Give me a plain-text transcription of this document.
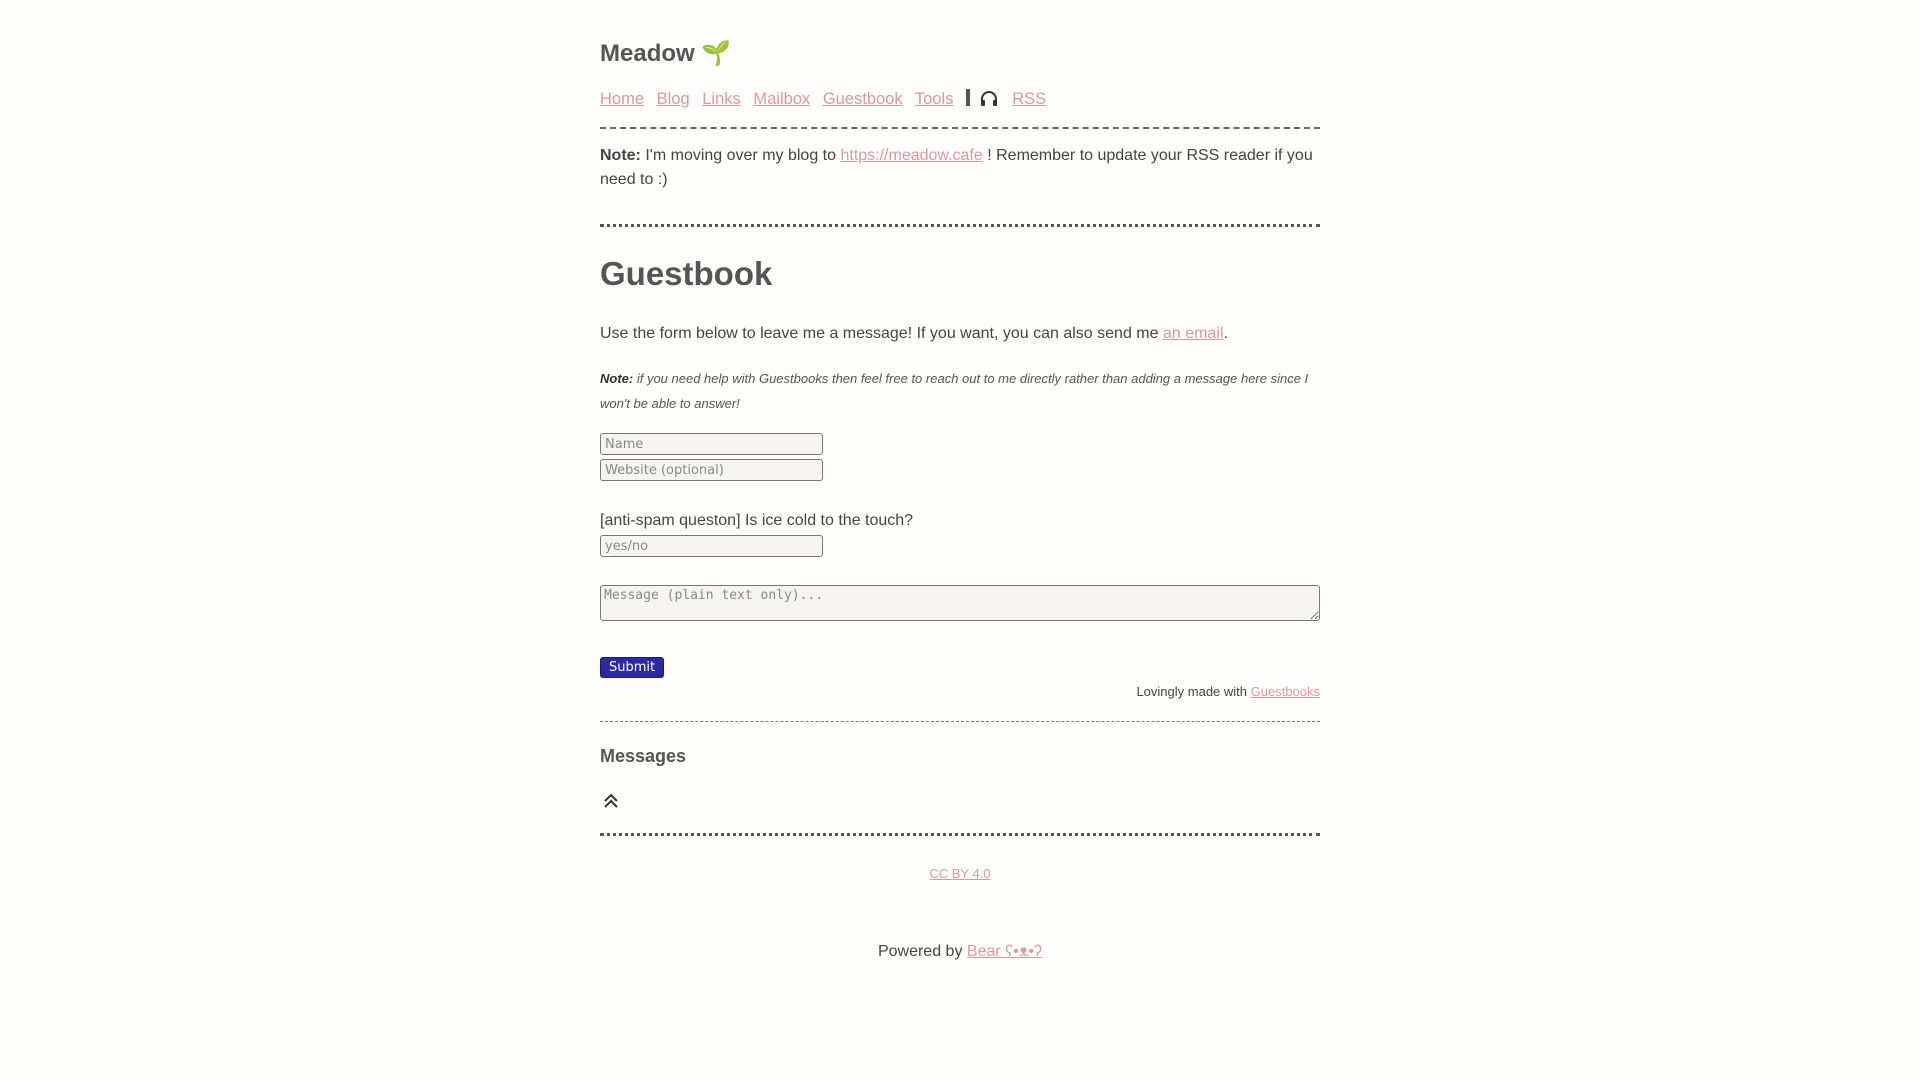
Meadow 🌱
Home Blog Links Mailbox Guestbook Tools	RSS

Note: I'm moving over my blog to https://meadow.cafe ! Remember to update your RSS reader if you need to :)

Guestbook

Use the form below to leave me a message! If you want, you can also send me an email.

Note: if you need help with Guestbooks then feel free to reach out to me directly rather than adding a message here since I won't be able to answer!

Name
Website (optional)

[anti-spam queston] Is ice cold to the touch?

yes/no
Message (plain text only)...
Submit

Lovingly made with Guestbooks

Messages

CC BY 4.0

Powered by Bear ʕ•ᴥ•ʔ
